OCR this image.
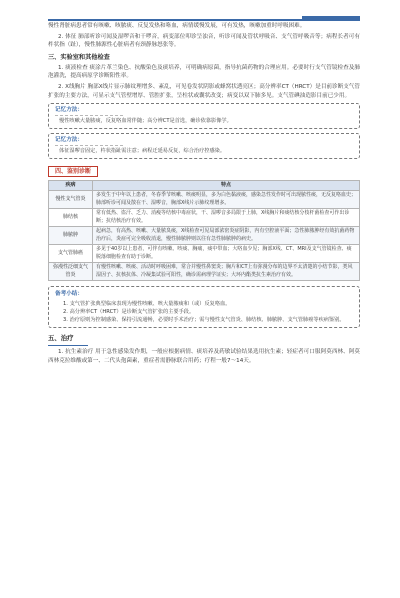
慢性肾脏病患者常有咳嗽、咳脓痰、反复发热和咯血，病情缓慢发展，可有发热，咳嗽加重时呼吸困难。

2. 体征 肺部听诊可闻及湿啰音和干啰音，病变部位叩诊呈浊音，听诊可闻及管状呼吸音、支气管呼吸音等；病程长者可有杵状指（趾），慢性肺源性心脏病者有颈静脉怒张等。

三、实验室和其他检查

1. 痰液检查 痰涂片革兰染色、抗酸染色及痰培养，可明确病原菌，指导抗菌药物的合理应用。必要时行支气管镜检查及肺泡灌洗，提高病原学诊断阳性率。

2. X线胸片 胸部X线片显示肺纹理增多、紊乱，可见卷发状阴影或蜂窝状透亮区；高分辨率CT（HRCT）是目前诊断支气管扩张的主要方法，可显示支气管壁增厚、管腔扩张，呈柱状或囊状改变；病变以双下肺多见。支气管碘油造影目前已少用。

记忆方法：
慢性咳嗽大量脓痰，反复咯血常伴随；高分辨CT是首选，确诊依靠影像学。
记忆方法：
体征湿啰音固定，杵状指趾需注意；病程迁延易反复，综合治疗控感染。
四、鉴别诊断
疾病	特点
慢性支气管炎	多发生于中年以上患者，冬春季节咳嗽、咳痰明显，多为白色黏液痰，感染急性发作时可出现脓性痰，无反复咯血史；肺部听诊可闻及散在干、湿啰音，胸部X线片示肺纹理增多。
肺结核	常有低热、盗汗、乏力、消瘦等结核中毒症状，干、湿啰音多局限于上肺，X线胸片和痰结核分枝杆菌检查可作出诊断；抗结核治疗有效。
肺脓肿	起病急，有高热、咳嗽、大量脓臭痰，X线检查可见局部浓密炎症阴影，内有空腔液平面；急性肺脓肿经有效抗菌药物治疗后，炎症可完全吸收消退，慢性肺脓肿则以往有急性肺脓肿的病史。
支气管肺癌	多见于40岁以上患者，可伴有咳嗽、咳痰、胸痛，痰中带血；大咯血少见；胸部X线、CT、MRI及支气管镜检查、痰脱落细胞检查有助于诊断。
弥漫性泛细支气管炎	有慢性咳嗽、咳痰、活动时呼吸困难，常合并慢性鼻窦炎；胸片和CT上有弥漫分布的边界不太清楚的小结节影，类风湿因子、抗核抗体、冷凝集试验可阳性，确诊需病理学证实；大环内酯类抗生素治疗有效。
备考小结：
1. 支气管扩张典型临床表现为慢性咳嗽、咳大量脓痰和（或）反复咯血。
2. 高分辨率CT（HRCT）是诊断支气管扩张的主要手段。
3. 治疗原则为控制感染、保持引流通畅，必要时手术治疗；需与慢性支气管炎、肺结核、肺脓肿、支气管肺癌等疾病鉴别。
五、治疗

1. 抗生素治疗 用于急性感染发作期，一般应根据病情、痰培养及药敏试验结果选用抗生素；轻症者可口服阿莫西林、阿莫西林克拉维酸或第一、二代头孢菌素，重症者需静脉联合用药；疗程一般7～14天。
